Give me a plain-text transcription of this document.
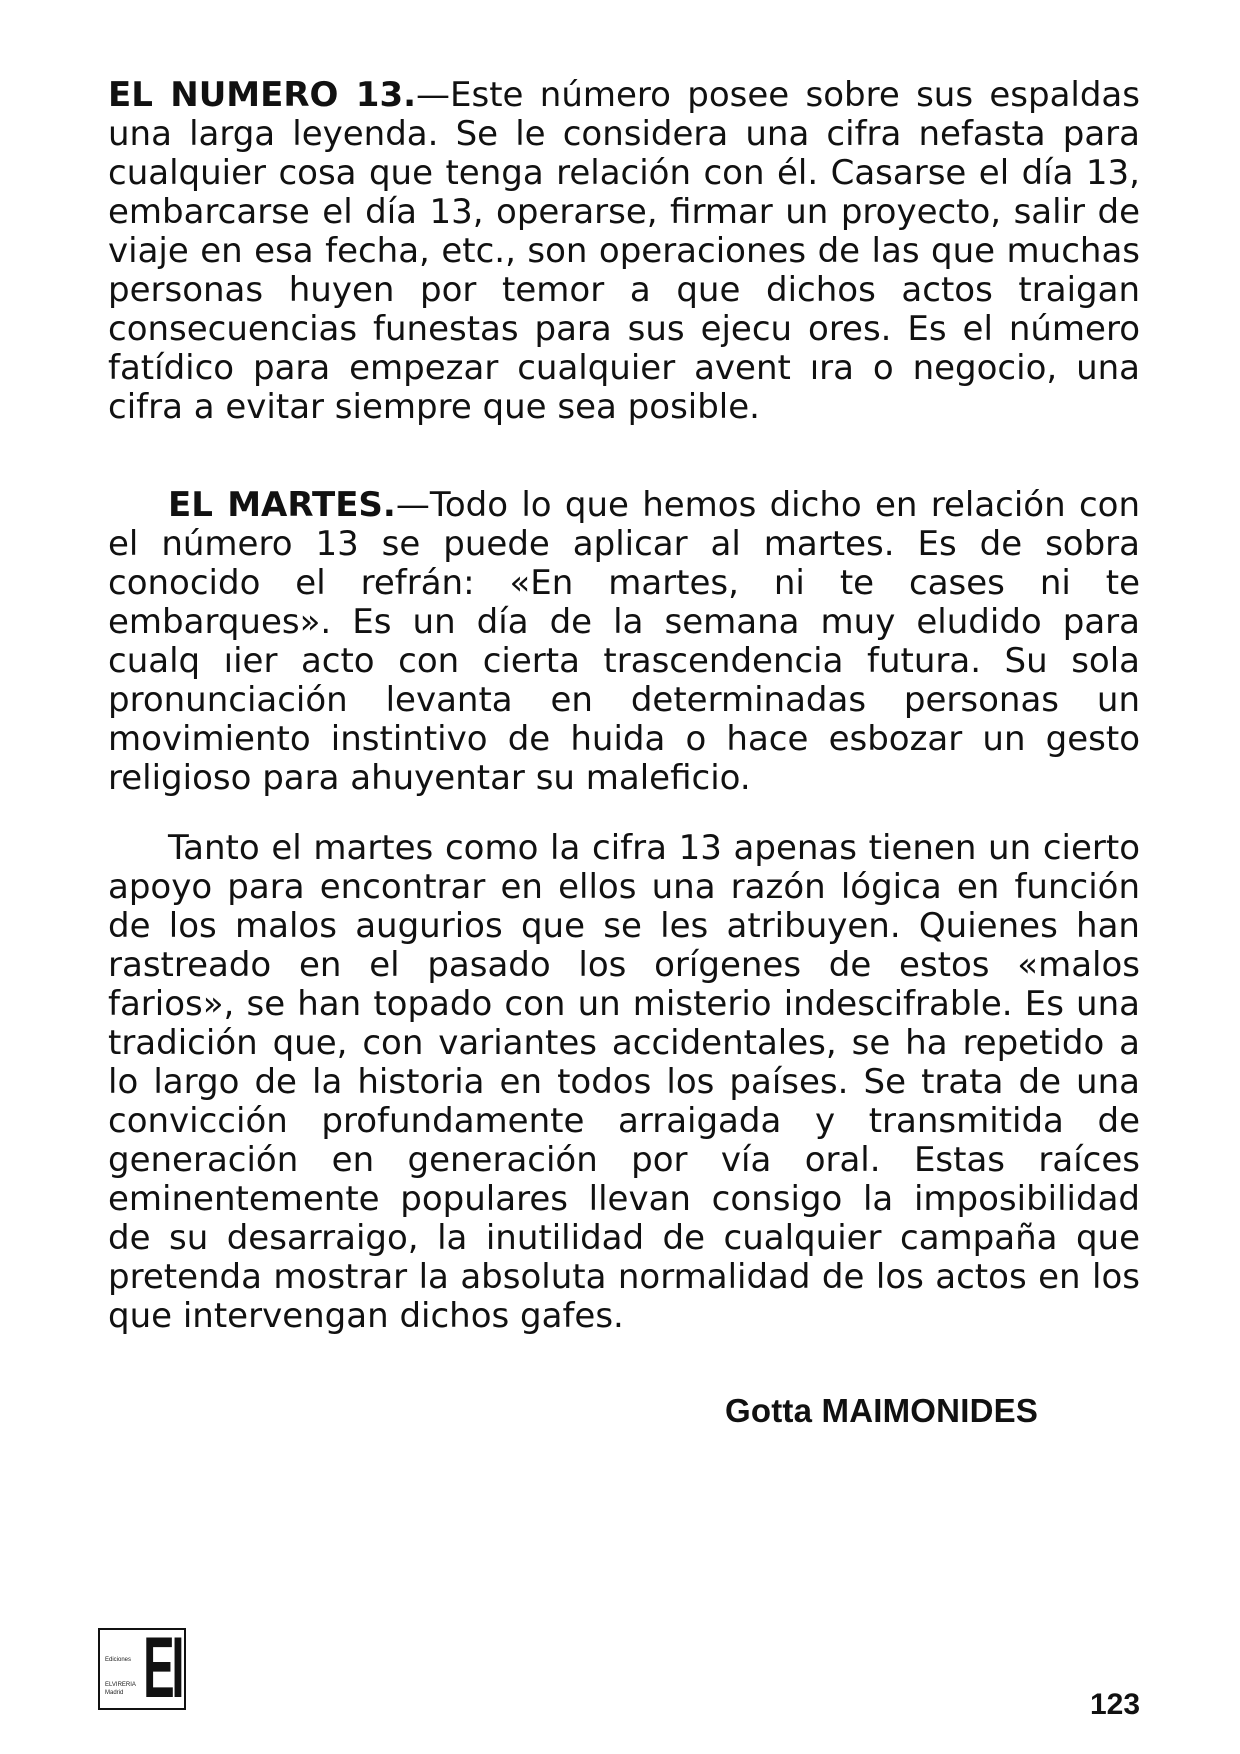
EL NUMERO 13.—Este número posee sobre sus espaldas una larga leyenda. Se le considera una cifra nefasta para cualquier cosa que tenga relación con él. Casarse el día 13, embarcarse el día 13, operarse, firmar un proyecto, salir de viaje en esa fecha, etc., son operaciones de las que muchas personas huyen por temor a que dichos actos traigan consecuencias funestas para sus ejecu ores. Es el número fatídico para empezar cualquier avent ıra o negocio, una cifra a evitar siempre que sea posible.

EL MARTES.—Todo lo que hemos dicho en relación con el número 13 se puede aplicar al martes. Es de sobra conocido el refrán: «En martes, ni te cases ni te embarques». Es un día de la semana muy eludido para cualq ıier acto con cierta trascendencia futura. Su sola pronunciación levanta en determinadas personas un movimiento instintivo de huida o hace esbozar un gesto religioso para ahuyentar su maleficio.

Tanto el martes como la cifra 13 apenas tienen un cierto apoyo para encontrar en ellos una razón lógica en función de los malos augurios que se les atribuyen. Quienes han rastreado en el pasado los orígenes de estos «malos farios», se han topado con un misterio indescifrable. Es una tradición que, con variantes accidentales, se ha repetido a lo largo de la historia en todos los países. Se trata de una convicción profundamente arraigada y transmitida de generación en generación por vía oral. Estas raíces eminentemente populares llevan consigo la imposibilidad de su desarraigo, la inutilidad de cualquier campaña que pretenda mostrar la absoluta normalidad de los actos en los que intervengan dichos gafes.

Gotta MAIMONIDES
Ediciones
ELVIRERIA
Madrid EI	123
